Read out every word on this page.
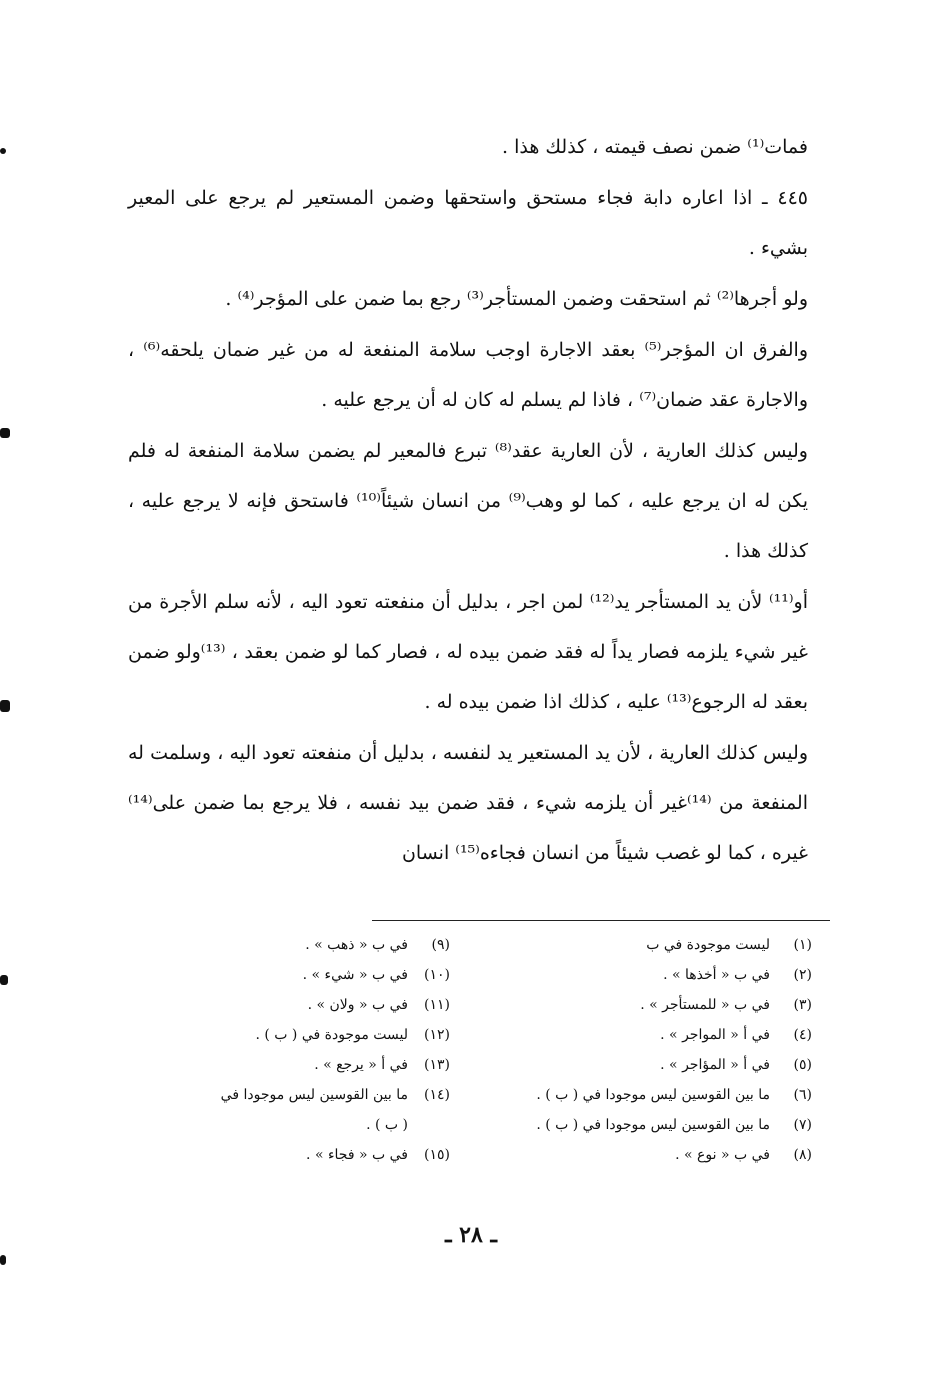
فمات⁽¹⁾ ضمن نصف قيمته ، كذلك هذا .

٤٤٥ ـ اذا اعاره دابة فجاء مستحق واستحقها وضمن المستعير لم يرجع على المعير بشيء .

ولو أجرها⁽²⁾ ثم استحقت وضمن المستأجر⁽³⁾ رجع بما ضمن على المؤجر⁽⁴⁾ .

والفرق ان المؤجر⁽⁵⁾ بعقد الاجارة اوجب سلامة المنفعة له من غير ضمان يلحقه⁽⁶⁾ ، والاجارة عقد ضمان⁽⁷⁾ ، فاذا لم يسلم له كان له أن يرجع عليه .

وليس كذلك العارية ، لأن العارية عقد⁽⁸⁾ تبرع فالمعير لم يضمن سلامة المنفعة له فلم يكن له ان يرجع عليه ، كما لو وهب⁽⁹⁾ من انسان شيئاً⁽¹⁰⁾ فاستحق فإنه لا يرجع عليه ، كذلك هذا .

أو⁽¹¹⁾ لأن يد المستأجر يد⁽¹²⁾ لمن اجر ، بدليل أن منفعته تعود اليه ، لأنه سلم الأجرة من غير شيء يلزمه فصار يداً له فقد ضمن بيده له ، فصار كما لو ضمن بعقد ، ⁽¹³⁾ولو ضمن بعقد له الرجوع⁽¹³⁾ عليه ، كذلك اذا ضمن بيده له .

وليس كذلك العارية ، لأن يد المستعير يد لنفسه ، بدليل أن منفعته تعود اليه ، وسلمت له المنفعة من ⁽¹⁴⁾غير أن يلزمه شيء ، فقد ضمن بيد نفسه ، فلا يرجع بما ضمن على⁽¹⁴⁾ غيره ، كما لو غصب شيئاً من انسان فجاءه⁽¹⁵⁾ انسان

(١)ليست موجودة في ب
(٢)في ب « أخذها » .
(٣)في ب « للمستأجر » .
(٤)في أ « المواجر » .
(٥)في أ « المؤاجر » .
(٦)ما بين القوسين ليس موجودا في ( ب ) .
(٧)ما بين القوسين ليس موجودا في ( ب ) .
(٨)في ب « نوع » .
(٩)في ب « ذهب » .
(١٠)في ب « شيء » .
(١١)في ب « ولان » .
(١٢)ليست موجودة في ( ب ) .
(١٣)في أ « يرجع » .
(١٤)ما بين القوسين ليس موجودا في
( ب ) .
(١٥)في ب « فجاء » .
ـ ٢٨ ـ
